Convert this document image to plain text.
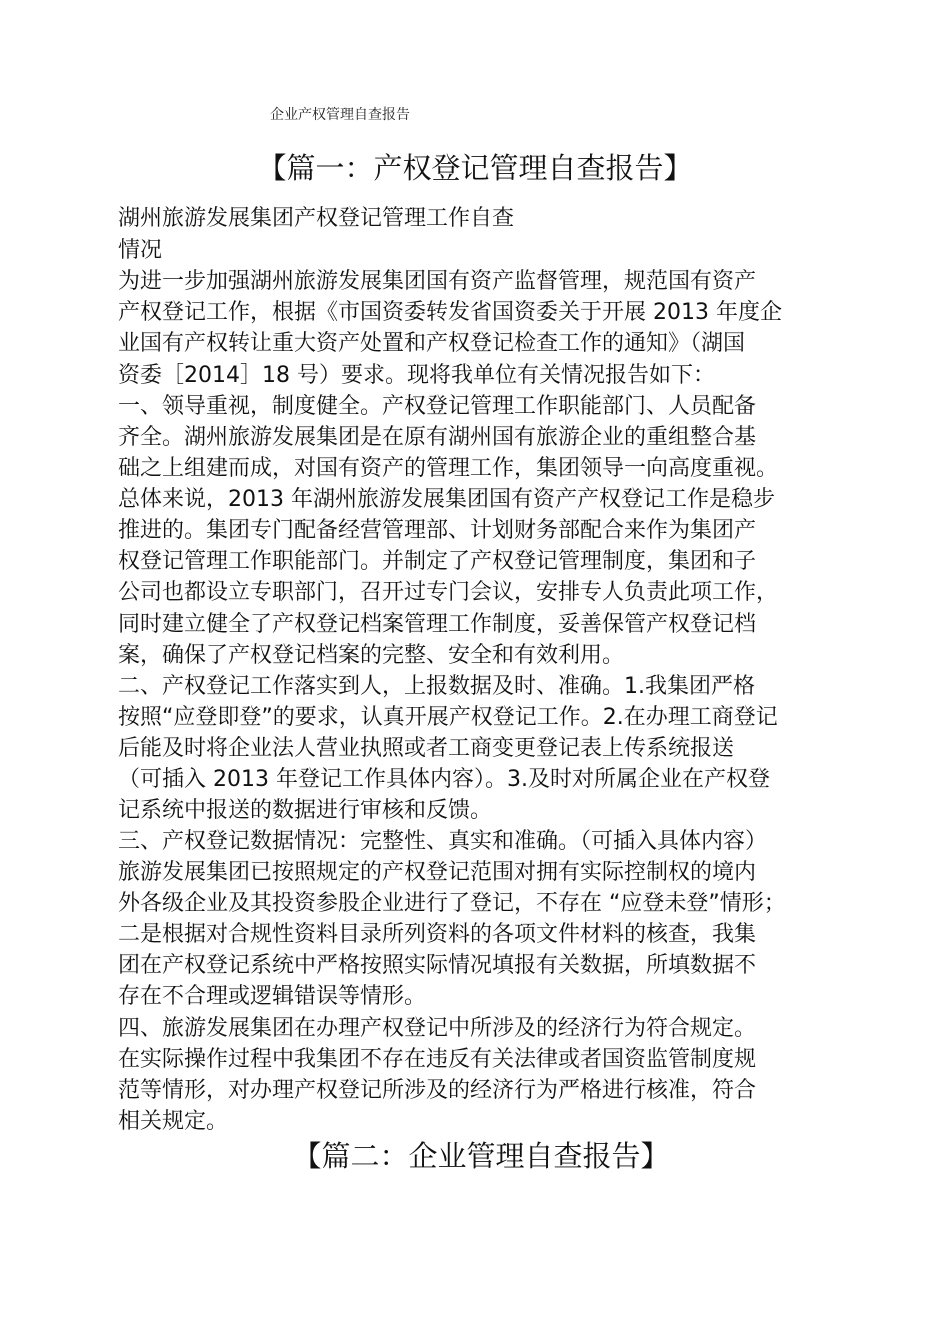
企业产权管理自查报告
【篇一：产权登记管理自查报告】
湖州旅游发展集团产权登记管理工作自查
情况
为进一步加强湖州旅游发展集团国有资产监督管理，规范国有资产
产权登记工作，根据《市国资委转发省国资委关于开展 2013 年度企
业国有产权转让重大资产处置和产权登记检查工作的通知》（湖国
资委［2014］18 号）要求。现将我单位有关情况报告如下：
一、领导重视，制度健全。产权登记管理工作职能部门、人员配备
齐全。湖州旅游发展集团是在原有湖州国有旅游企业的重组整合基
础之上组建而成，对国有资产的管理工作，集团领导一向高度重视。
总体来说，2013 年湖州旅游发展集团国有资产产权登记工作是稳步
推进的。集团专门配备经营管理部、计划财务部配合来作为集团产
权登记管理工作职能部门。并制定了产权登记管理制度，集团和子
公司也都设立专职部门，召开过专门会议，安排专人负责此项工作，
同时建立健全了产权登记档案管理工作制度，妥善保管产权登记档
案，确保了产权登记档案的完整、安全和有效利用。
二、产权登记工作落实到人，上报数据及时、准确。1.我集团严格
按照“应登即登”的要求，认真开展产权登记工作。2.在办理工商登记
后能及时将企业法人营业执照或者工商变更登记表上传系统报送
（可插入 2013 年登记工作具体内容）。3.及时对所属企业在产权登
记系统中报送的数据进行审核和反馈。
三、产权登记数据情况：完整性、真实和准确。（可插入具体内容）
旅游发展集团已按照规定的产权登记范围对拥有实际控制权的境内
外各级企业及其投资参股企业进行了登记，不存在 “应登未登”情形；
二是根据对合规性资料目录所列资料的各项文件材料的核查，我集
团在产权登记系统中严格按照实际情况填报有关数据，所填数据不
存在不合理或逻辑错误等情形。
四、旅游发展集团在办理产权登记中所涉及的经济行为符合规定。
在实际操作过程中我集团不存在违反有关法律或者国资监管制度规
范等情形，对办理产权登记所涉及的经济行为严格进行核准，符合
相关规定。
【篇二：企业管理自查报告】
